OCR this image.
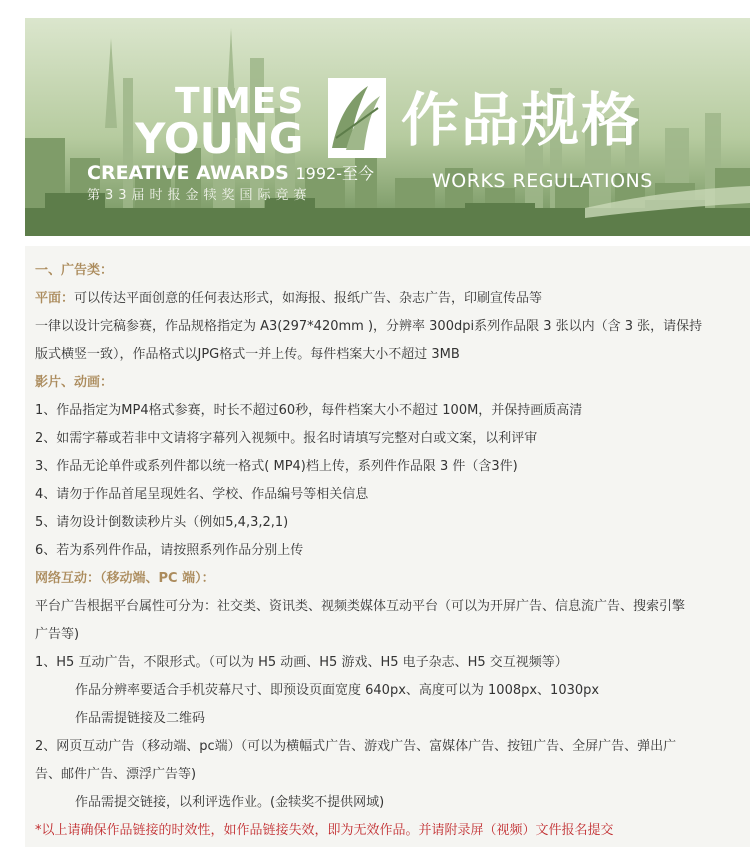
TIMES
YOUNG
CREATIVE AWARDS 1992-至今
第33届时报金犊奖国际竞赛
作品规格
WORKS REGULATIONS
一、广告类：
平面：可以传达平面创意的任何表达形式，如海报、报纸广告、杂志广告，印刷宣传品等
一律以设计完稿参赛，作品规格指定为 A3(297*420mm )，分辨率 300dpi系列作品限 3 张以内（含 3 张，请保持
版式横竖一致），作品格式以JPG格式一并上传。每件档案大小不超过 3MB
影片、动画：
1、作品指定为MP4格式参赛，时长不超过60秒，每件档案大小不超过 100M，并保持画质高清
2、如需字幕或若非中文请将字幕列入视频中。报名时请填写完整对白或文案，以利评审
3、作品无论单件或系列件都以统一格式( MP4)档上传，系列件作品限 3 件（含3件)
4、请勿于作品首尾呈现姓名、学校、作品编号等相关信息
5、请勿设计倒数读秒片头（例如5,4,3,2,1)
6、若为系列件作品，请按照系列作品分别上传
网络互动：（移动端、PC 端）：
平台广告根据平台属性可分为：社交类、资讯类、视频类媒体互动平台（可以为开屏广告、信息流广告、搜索引擎
广告等)
1、H5 互动广告，不限形式。（可以为 H5 动画、H5 游戏、H5 电子杂志、H5 交互视频等）
作品分辨率要适合手机荧幕尺寸、即预设页面宽度 640px、高度可以为 1008px、1030px
作品需提链接及二维码
2、网页互动广告（移动端、pc端）（可以为横幅式广告、游戏广告、富媒体广告、按钮广告、全屏广告、弹出广
告、邮件广告、漂浮广告等)
作品需提交链接，以利评选作业。(金犊奖不提供网域)
*以上请确保作品链接的时效性，如作品链接失效，即为无效作品。并请附录屏（视频）文件报名提交
